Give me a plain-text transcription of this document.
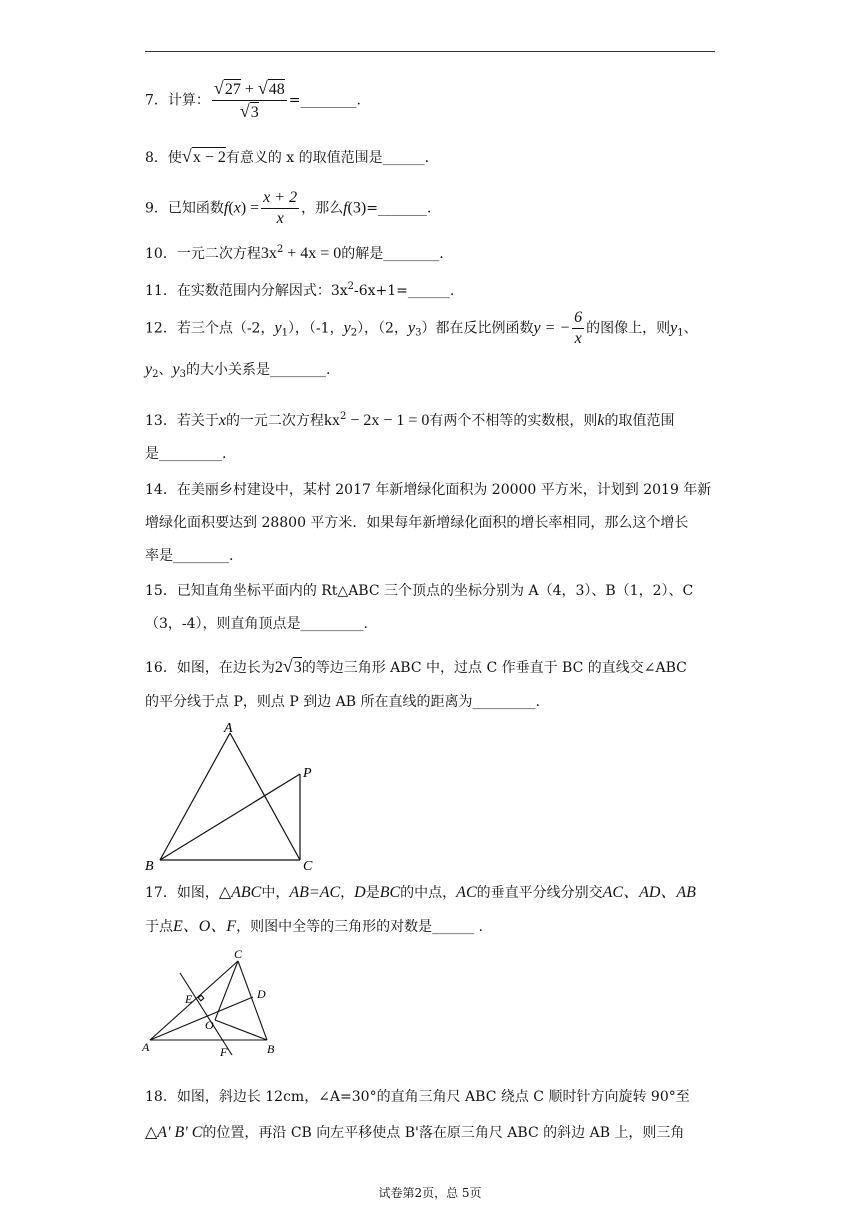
7．计算： $\frac{√27 + √48}{√3}$ =________.
8．使√x − 2有意义的 x 的取值范围是______.
9．已知函数$f(x) = \frac{x + 2}{x}$ ，那么f(3)=_______.
10．一元二次方程$3x^2 + 4x = 0$的解是________.
11．在实数范围内分解因式：$3x^2-6x+1=\_\_\_\_\_\_$.
12．若三个点（-2，$y_1$），（-1，$y_2$），（2，$y_3$）都在反比例函数y = − $\frac{6}{x}$ 的图像上，则$y_1$、
$y_2$、$y_3$的大小关系是________.
13．若关于x的一元二次方程$kx^2 - 2x - 1 = 0$有两个不相等的实数根，则k的取值范围
是_________.
14．在美丽乡村建设中，某村 2017 年新增绿化面积为 20000 平方米，计划到 2019 年新
增绿化面积要达到 28800 平方米．如果每年新增绿化面积的增长率相同，那么这个增长
率是________.
15．已知直角坐标平面内的 Rt△ABC 三个顶点的坐标分别为 A（4，3）、B（1，2）、C
（3，-4），则直角顶点是_________.
16．如图，在边长为2√3的等边三角形 ABC 中，过点 C 作垂直于 BC 的直线交∠ABC
的平分线于点 P，则点 P 到边 AB 所在直线的距离为_________.
A
B	C
P
17．如图，△ABC中，AB=AC，D是BC的中点，AC的垂直平分线分别交AC、AD、AB
于点E、O、F，则图中全等的三角形的对数是______ .
C
D
E
O
A	F	B
18．如图，斜边长 12cm，∠A=30°的直角三角尺 ABC 绕点 C 顺时针方向旋转 90°至
△A' B' C的位置，再沿 CB 向左平移使点 B'落在原三角尺 ABC 的斜边 AB 上，则三角
试卷第2页，总 5页
